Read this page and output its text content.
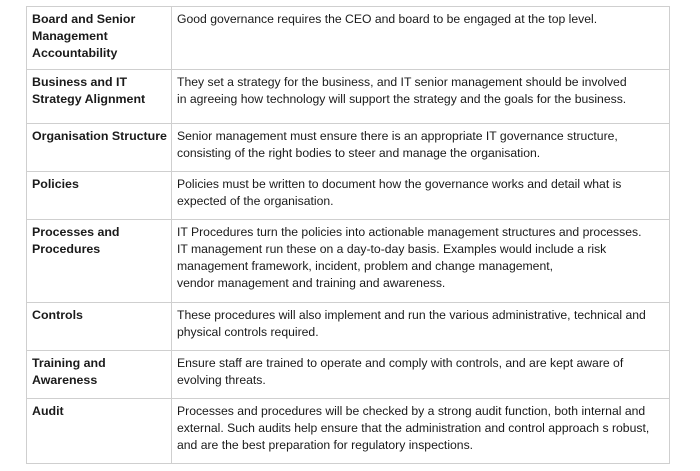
Board and Senior
Management
Accountability	Good governance requires the CEO and board to be engaged at the top level.

Business and IT
Strategy Alignment	They set a strategy for the business, and IT senior management should be involved
in agreeing how technology will support the strategy and the goals for the business.

Organisation Structure	Senior management must ensure there is an appropriate IT governance structure,
consisting of the right bodies to steer and manage the organisation.

Policies	Policies must be written to document how the governance works and detail what is
expected of the organisation.

Processes and
Procedures	IT Procedures turn the policies into actionable management structures and processes.
IT management run these on a day-to-day basis. Examples would include a risk
management framework, incident, problem and change management,
vendor management and training and awareness.

Controls	These procedures will also implement and run the various administrative, technical and
physical controls required.

Training and
Awareness	Ensure staff are trained to operate and comply with controls, and are kept aware of
evolving threats.

Audit	Processes and procedures will be checked by a strong audit function, both internal and
external. Such audits help ensure that the administration and control approach s robust,
and are the best preparation for regulatory inspections.
